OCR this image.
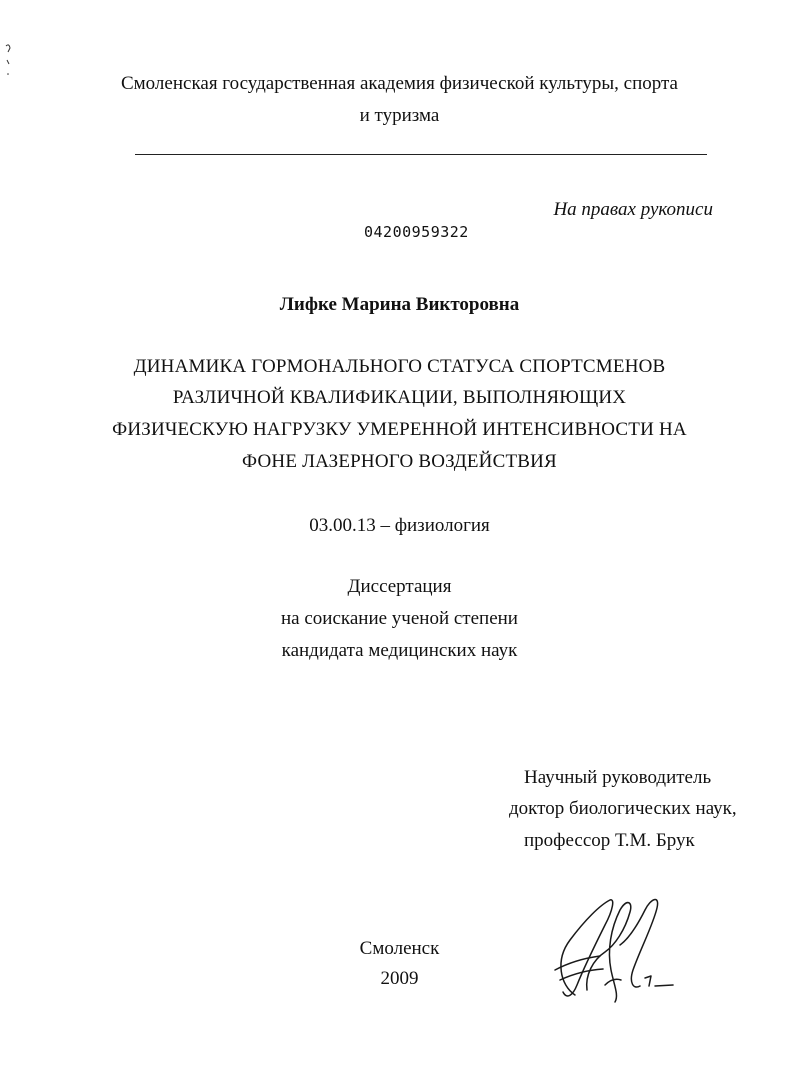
Смоленская государственная академия физической культуры, спорта
и туризма
На правах рукописи
04200959322
Лифке Марина Викторовна
ДИНАМИКА ГОРМОНАЛЬНОГО СТАТУСА СПОРТСМЕНОВ
РАЗЛИЧНОЙ КВАЛИФИКАЦИИ, ВЫПОЛНЯЮЩИХ
ФИЗИЧЕСКУЮ НАГРУЗКУ УМЕРЕННОЙ ИНТЕНСИВНОСТИ НА
ФОНЕ ЛАЗЕРНОГО ВОЗДЕЙСТВИЯ
03.00.13 – физиология
Диссертация
на соискание ученой степени
кандидата медицинских наук
Научный руководитель
доктор биологических наук,
профессор Т.М. Брук
Смоленск
2009
